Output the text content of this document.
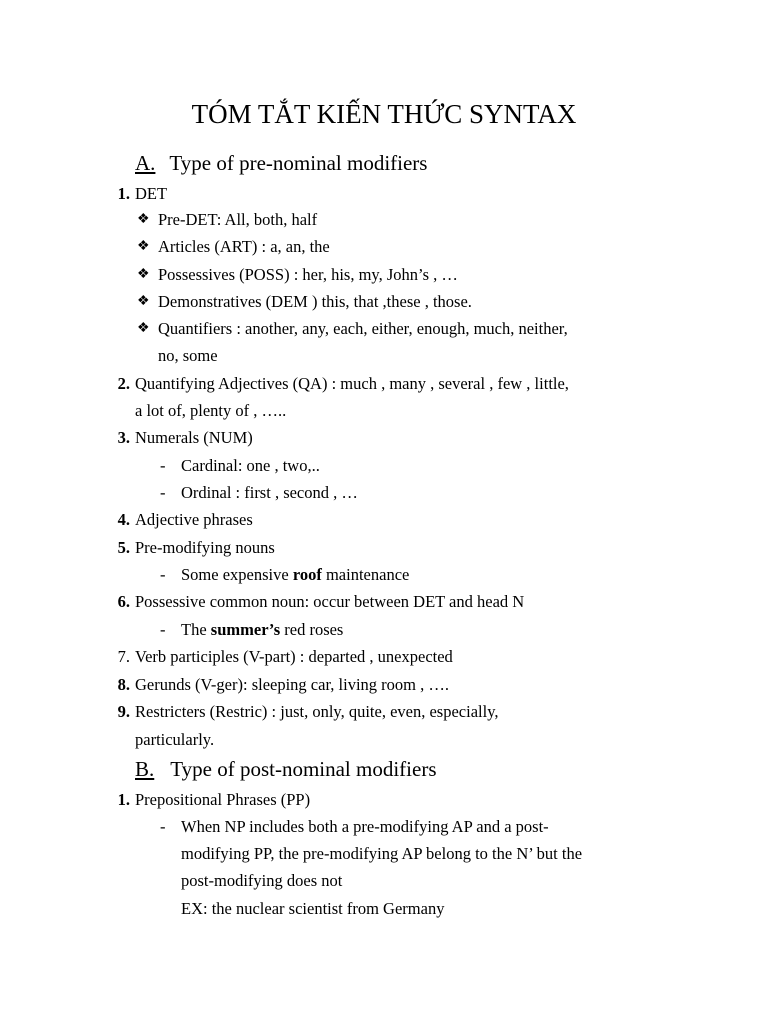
TÓM TẮT KIẾN THỨC SYNTAX
A. Type of pre-nominal modifiers
1. DET
❖ Pre-DET: All, both, half
❖ Articles (ART) : a, an, the
❖ Possessives (POSS) : her, his, my, John’s , …
❖ Demonstratives (DEM ) this, that ,these , those.
❖ Quantifiers : another, any, each, either, enough, much, neither,
no, some
2. Quantifying Adjectives (QA) : much , many , several , few , little,
a lot of, plenty of , …..
3. Numerals (NUM)
- Cardinal: one , two,..
- Ordinal : first , second , …
4. Adjective phrases
5. Pre-modifying nouns
- Some expensive roof maintenance
6. Possessive common noun: occur between DET and head N
- The summer’s red roses
7. Verb participles (V-part) : departed , unexpected
8. Gerunds (V-ger): sleeping car, living room , ….
9. Restricters (Restric) : just, only, quite, even, especially,
particularly.
B. Type of post-nominal modifiers
1. Prepositional Phrases (PP)
- When NP includes both a pre-modifying AP and a post-
modifying PP, the pre-modifying AP belong to the N’ but the
post-modifying does not
EX: the nuclear scientist from Germany
